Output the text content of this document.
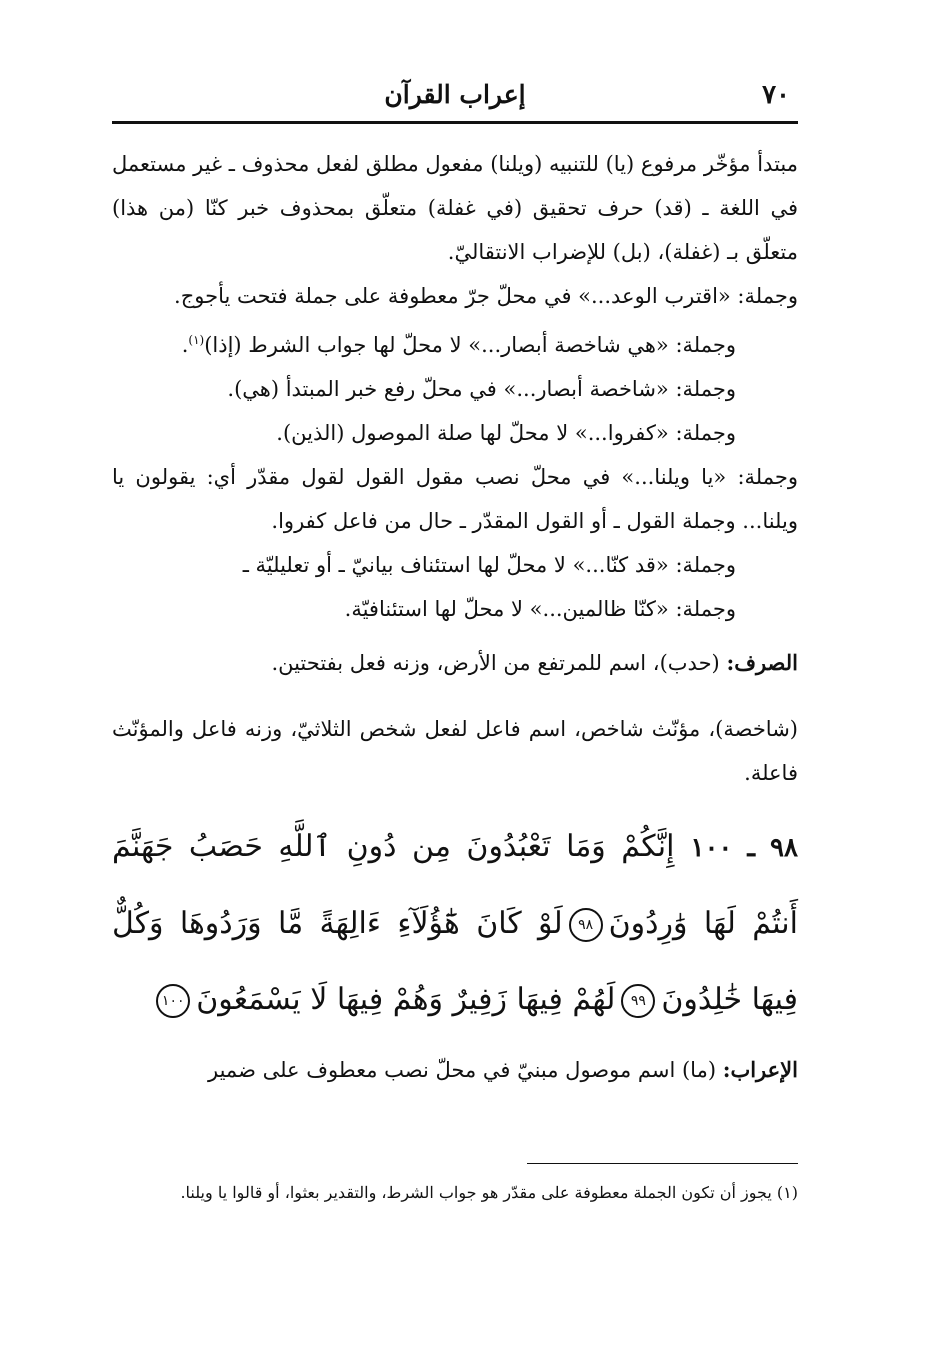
٧٠
إعراب القرآن

مبتدأ مؤخّر مرفوع (يا) للتنبيه (ويلنا) مفعول مطلق لفعل محذوف ـ غير مستعمل في اللغة ـ (قد) حرف تحقيق (في غفلة) متعلّق بمحذوف خبر كنّا (من هذا) متعلّق بـ (غفلة)، (بل) للإضراب الانتقاليّ.

وجملة: «اقترب الوعد...» في محلّ جرّ معطوفة على جملة فتحت يأجوج.

وجملة: «هي شاخصة أبصار...» لا محلّ لها جواب الشرط (إذا)$^{(١)}$.

وجملة: «شاخصة أبصار...» في محلّ رفع خبر المبتدأ (هي).

وجملة: «كفروا...» لا محلّ لها صلة الموصول (الذين).

وجملة: «يا ويلنا...» في محلّ نصب مقول القول لقول مقدّر أي: يقولون يا ويلنا... وجملة القول ـ أو القول المقدّر ـ حال من فاعل كفروا.

وجملة: «قد كنّا...» لا محلّ لها استئناف بيانيّ ـ أو تعليليّة ـ

وجملة: «كنّا ظالمين...» لا محلّ لها استئنافيّة.

الصرف: (حدب)، اسم للمرتفع من الأرض، وزنه فعل بفتحتين.

(شاخصة)، مؤنّث شاخص، اسم فاعل لفعل شخص الثلاثيّ، وزنه فاعل والمؤنّث فاعلة.

٩٨ ـ ١٠٠إِنَّكُمْ وَمَا تَعْبُدُونَ مِن دُونِ ٱللَّهِ حَصَبُ جَهَنَّمَ أَنتُمْ لَهَا وَٰرِدُونَ٩٨لَوْ كَانَ هَٰٓؤُلَآءِ ءَالِهَةً مَّا وَرَدُوهَا وَكُلٌّ فِيهَا خَٰلِدُونَ٩٩لَهُمْ فِيهَا زَفِيرٌ وَهُمْ فِيهَا لَا يَسْمَعُونَ١٠٠

الإعراب: (ما) اسم موصول مبنيّ في محلّ نصب معطوف على ضمير

(١) يجوز أن تكون الجملة معطوفة على مقدّر هو جواب الشرط، والتقدير بعثوا، أو قالوا يا ويلنا.
